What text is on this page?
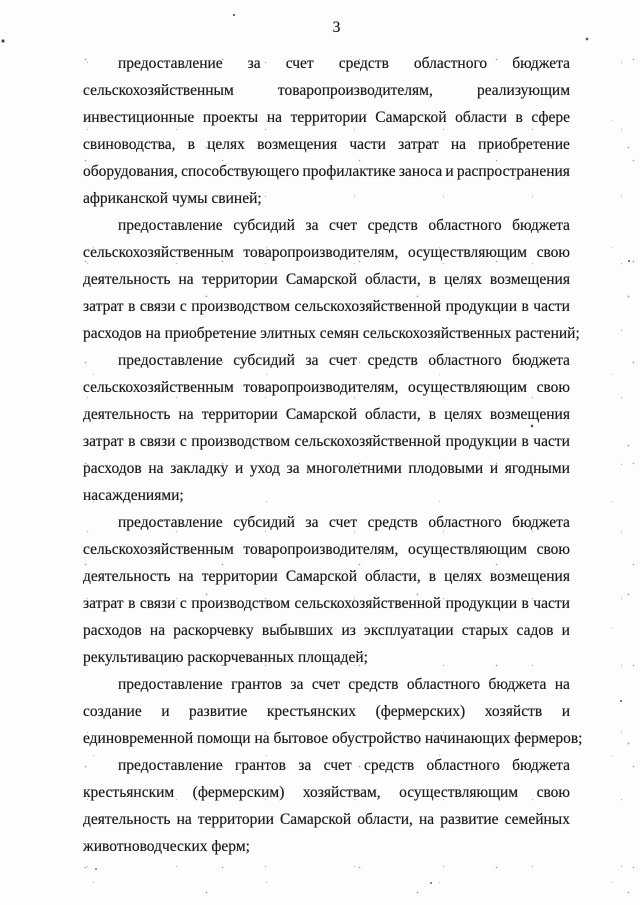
3
предоставление за счет средств областного бюджета
сельскохозяйственным	товаропроизводителям,	реализующим
инвестиционные проекты на территории Самарской области в сфере
свиноводства, в целях возмещения части затрат на приобретение
оборудования, способствующего профилактике заноса и распространения
африканской чумы свиней;
предоставление субсидий за счет средств областного бюджета
сельскохозяйственным товаропроизводителям, осуществляющим свою
деятельность на территории Самарской области, в целях возмещения
затрат в связи с производством сельскохозяйственной продукции в части
расходов на приобретение элитных семян сельскохозяйственных растений;
предоставление субсидий за счет средств областного бюджета
сельскохозяйственным товаропроизводителям, осуществляющим свою
деятельность на территории Самарской области, в целях возмещения
затрат в связи с производством сельскохозяйственной продукции в части
расходов на закладку и уход за многолетними плодовыми и ягодными
насаждениями;
предоставление субсидий за счет средств областного бюджета
сельскохозяйственным товаропроизводителям, осуществляющим свою
деятельность на территории Самарской области, в целях возмещения
затрат в связи с производством сельскохозяйственной продукции в части
расходов на раскорчевку выбывших из эксплуатации старых садов и
рекультивацию раскорчеванных площадей;
предоставление грантов за счет средств областного бюджета на
создание и развитие крестьянских (фермерских) хозяйств и
единовременной помощи на бытовое обустройство начинающих фермеров;
предоставление грантов за счет средств областного бюджета
крестьянским (фермерским) хозяйствам, осуществляющим свою
деятельность на территории Самарской области, на развитие семейных
животноводческих ферм;
